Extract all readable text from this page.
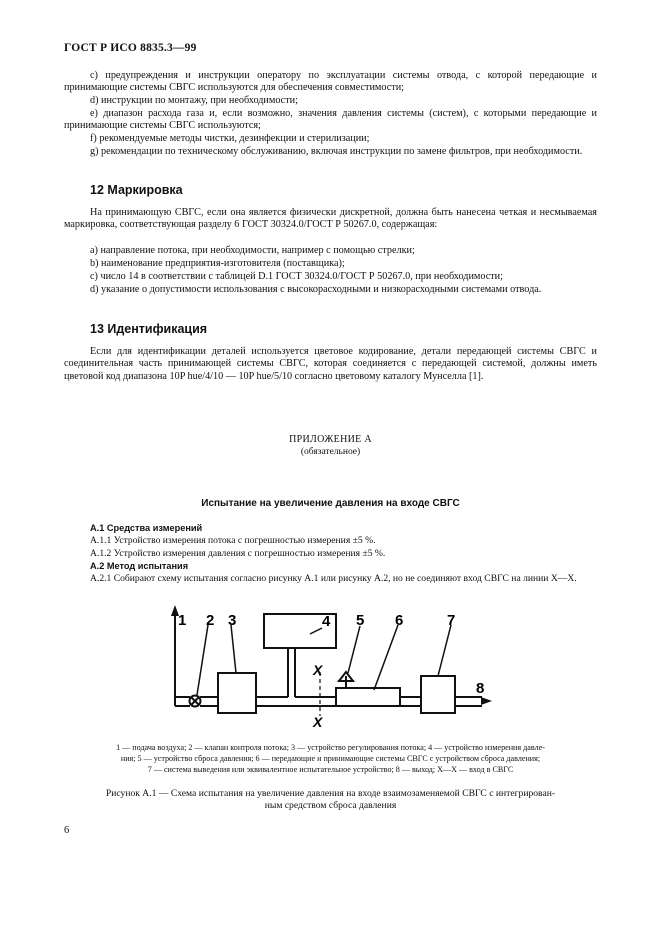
ГОСТ Р ИСО 8835.3—99
с) предупреждения и инструкции оператору по эксплуатации системы отвода, с которой передающие и принимающие системы СВГС используются для обеспечения совместимости;
d) инструкции по монтажу, при необходимости;
е) диапазон расхода газа и, если возможно, значения давления системы (систем), с которыми передающие и принимающие системы СВГС используются;
f) рекомендуемые методы чистки, дезинфекции и стерилизации;
g) рекомендации по техническому обслуживанию, включая инструкции по замене фильтров, при необходимости.
12 Маркировка
На принимающую СВГС, если она является физически дискретной, должна быть нанесена четкая и несмываемая маркировка, соответствующая разделу 6 ГОСТ 30324.0/ГОСТ Р 50267.0, содержащая:
а) направление потока, при необходимости, например с помощью стрелки;
b) наименование предприятия-изготовителя (поставщика);
с) число 14 в соответствии с таблицей D.1 ГОСТ 30324.0/ГОСТ Р 50267.0, при необходимости;
d) указание о допустимости использования с высокорасходными и низкорасходными системами отвода.
13 Идентификация
Если для идентификации деталей используется цветовое кодирование, детали передающей системы СВГС и соединительная часть принимающей системы СВГС, которая соединяется с передающей системой, должны иметь цветовой код диапазона 10P hue/4/10 — 10P hue/5/10 согласно цветовому каталогу Мунселла [1].
ПРИЛОЖЕНИЕ А
(обязательное)
Испытание на увеличение давления на входе СВГС
А.1 Средства измерений
А.1.1 Устройство измерения потока с погрешностью измерения ±5 %.
А.1.2 Устройство измерения давления с погрешностью измерения ±5 %.
А.2 Метод испытания
А.2.1 Собирают схему испытания согласно рисунку А.1 или рисунку А.2, но не соединяют вход СВГС на линии X—X.
1 2 3	4 5 6	7
8
X
X
1 — подача воздуха; 2 — клапан контроля потока; 3 — устройство регулирования потока; 4 — устройство измерения давле-
ния; 5 — устройство сброса давления; 6 — передающие и принимающие системы СВГС с устройством сброса давления;
7 — система выведения или эквивалентное испытательное устройство; 8 — выход; X—X — вход в СВГС
Рисунок А.1 — Схема испытания на увеличение давления на входе взаимозаменяемой СВГС с интегрирован-
ным средством сброса давления
6
